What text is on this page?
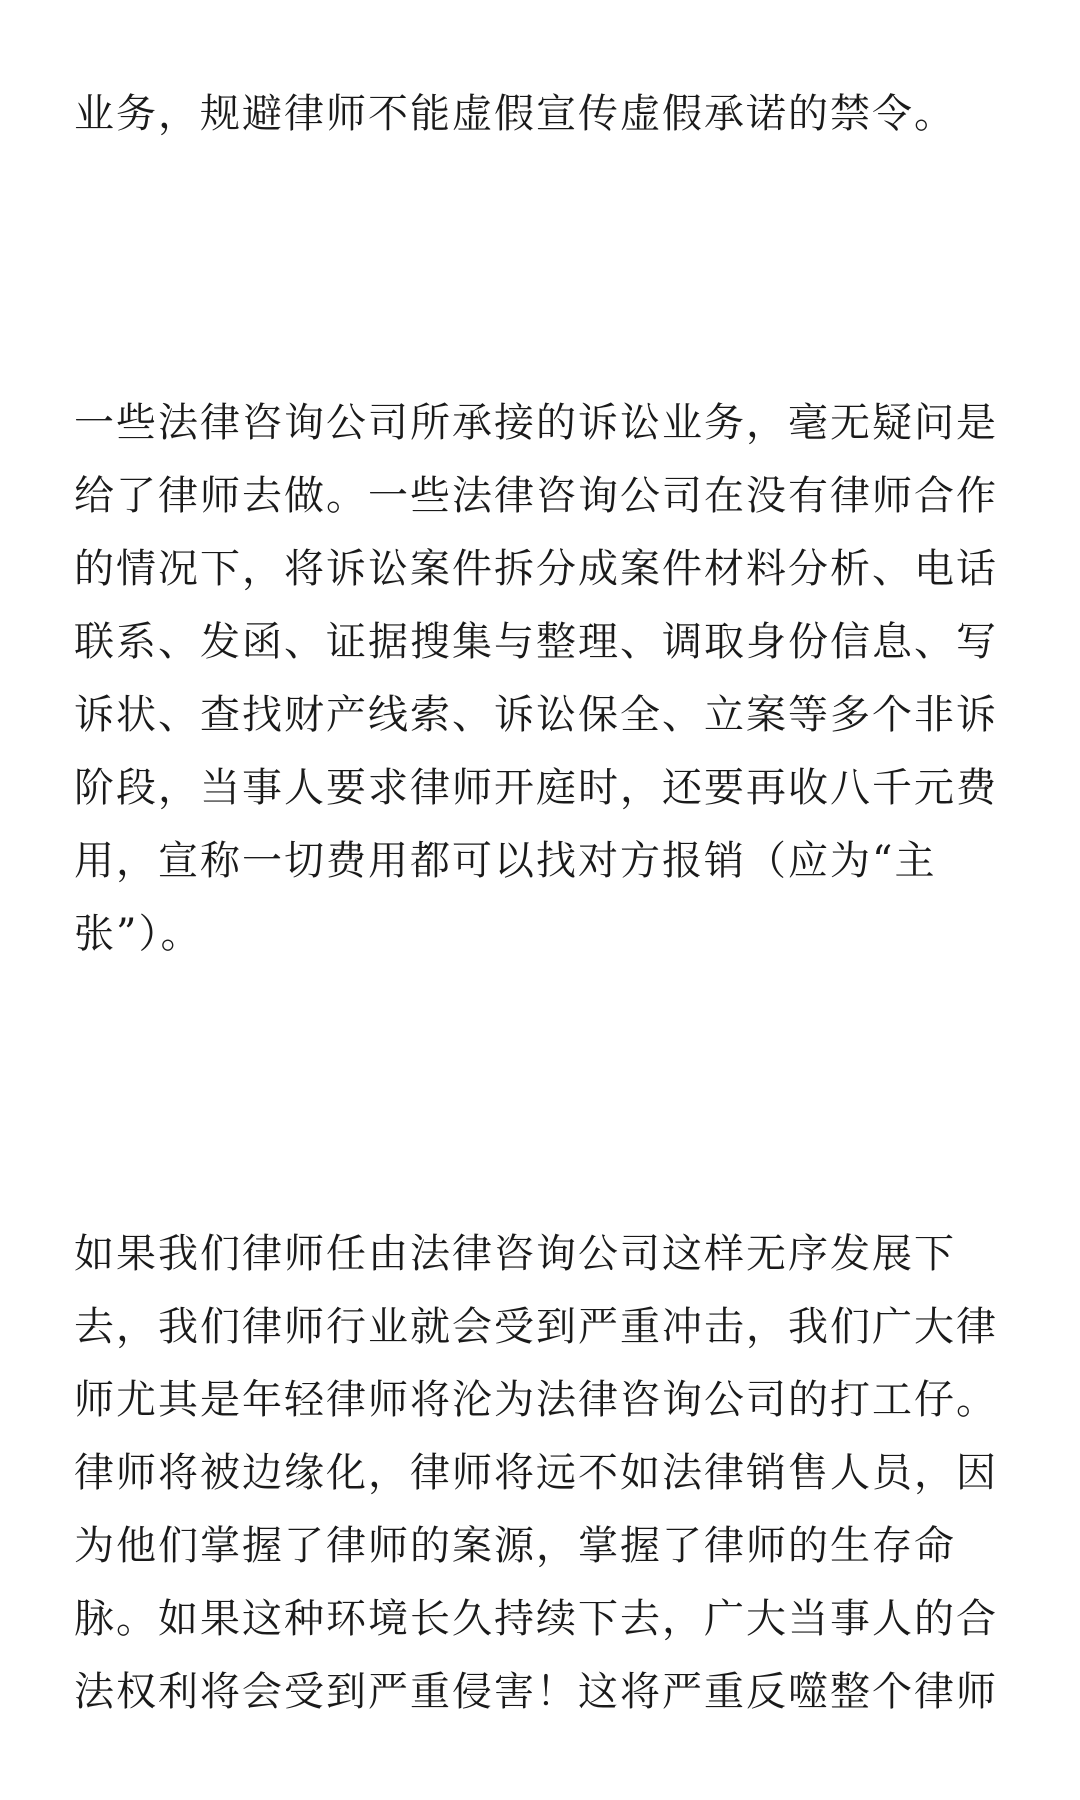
业务，规避律师不能虚假宣传虚假承诺的禁令。

一些法律咨询公司所承接的诉讼业务，毫无疑问是
给了律师去做。一些法律咨询公司在没有律师合作
的情况下，将诉讼案件拆分成案件材料分析、电话
联系、发函、证据搜集与整理、调取身份信息、写
诉状、查找财产线索、诉讼保全、立案等多个非诉
阶段，当事人要求律师开庭时，还要再收八千元费
用，宣称一切费用都可以找对方报销（应为“主
张”）。

如果我们律师任由法律咨询公司这样无序发展下
去，我们律师行业就会受到严重冲击，我们广大律
师尤其是年轻律师将沦为法律咨询公司的打工仔。
律师将被边缘化，律师将远不如法律销售人员，因
为他们掌握了律师的案源，掌握了律师的生存命
脉。如果这种环境长久持续下去，广大当事人的合
法权利将会受到严重侵害！这将严重反噬整个律师
